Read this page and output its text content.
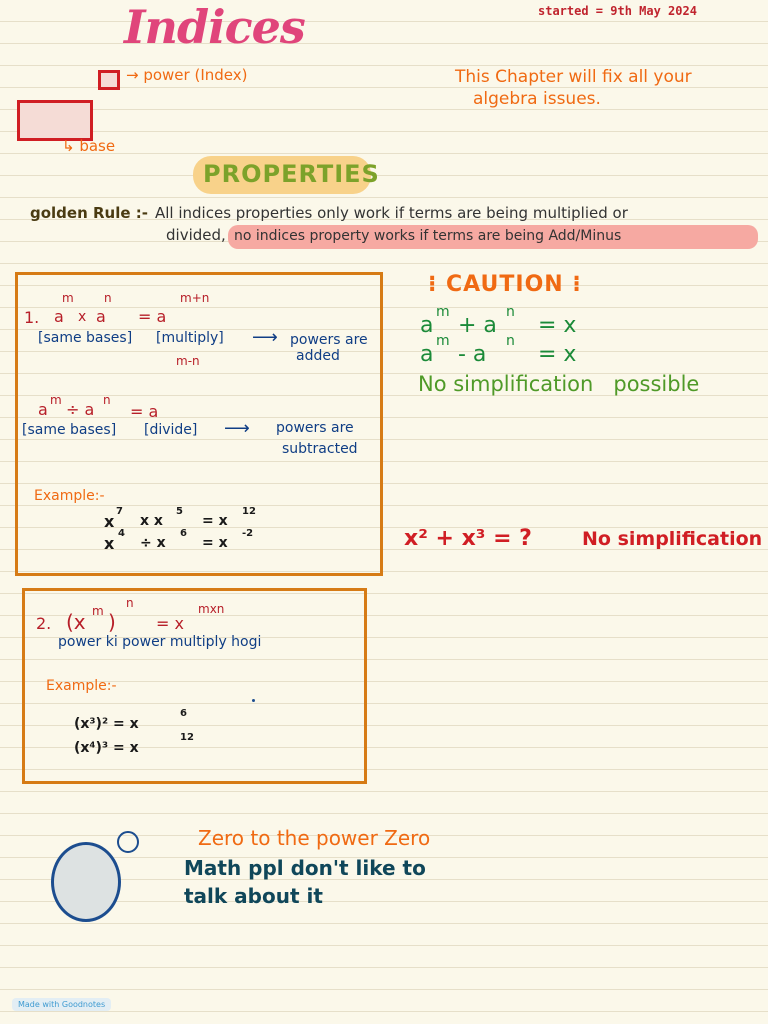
Indices	started = 9th May 2024
→ power (Index)
↳ base
This Chapter will fix all your
algebra issues.
PROPERTIES
golden Rule :- All indices properties only work if terms are being multiplied or
divided, no indices property works if terms are being Add/Minus
1.
m	n
a x a = a
m+n
[same bases] [multiply] ⟶ powers are
added
m-n
a m ÷ a n
= a
[same bases] [divide] ⟶ powers are
subtracted
Example:-
x
7
x x
5
= x
12
x
4
÷ x
6
= x
-2
⁝ CAUTION ⁝
a
m
+ a
n
= x
a
m
- a
n
= x
No simplification possible
x² + x³ = ?	No simplification
2. (x m )
n
= x
mxn
power ki power multiply hogi
Example:-
(x³)² = x
6
(x⁴)³ = x
12
Zero to the power Zero
Math ppl don't like to
talk about it
Made with Goodnotes
